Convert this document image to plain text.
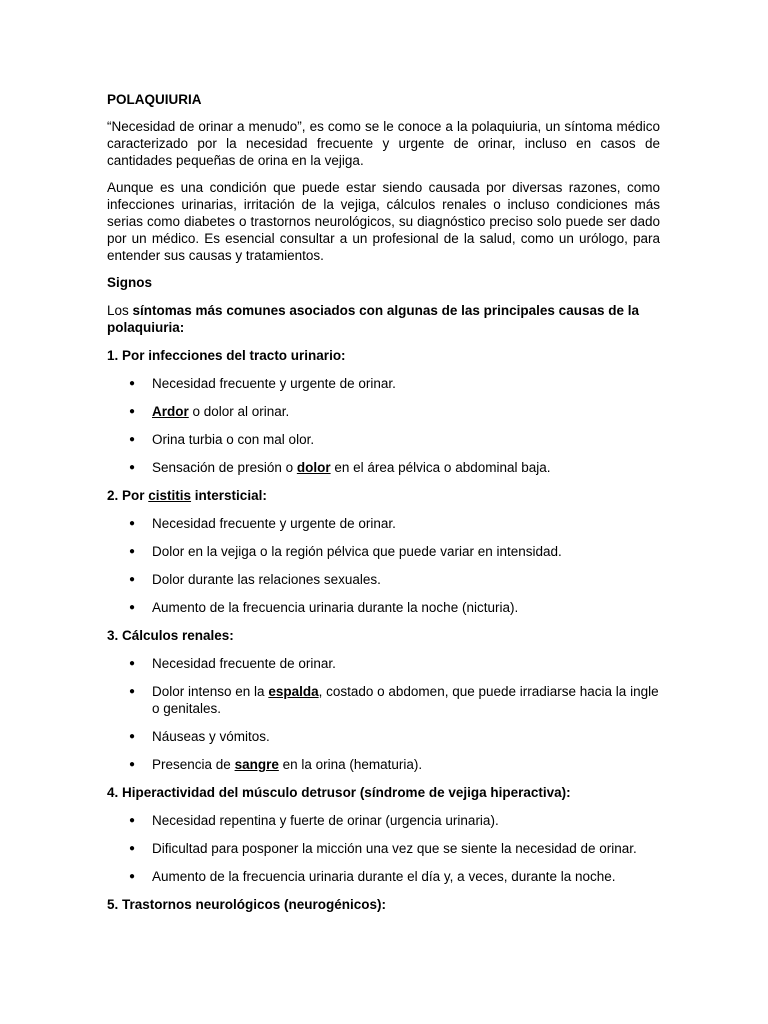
POLAQUIURIA

“Necesidad de orinar a menudo”, es como se le conoce a la polaquiuria, un síntoma médico caracterizado por la necesidad frecuente y urgente de orinar, incluso en casos de cantidades pequeñas de orina en la vejiga.

Aunque es una condición que puede estar siendo causada por diversas razones, como infecciones urinarias, irritación de la vejiga, cálculos renales o incluso condiciones más serias como diabetes o trastornos neurológicos, su diagnóstico preciso solo puede ser dado por un médico. Es esencial consultar a un profesional de la salud, como un urólogo, para entender sus causas y tratamientos.

Signos

Los síntomas más comunes asociados con algunas de las principales causas de la polaquiuria:

1. Por infecciones del tracto urinario:

● Necesidad frecuente y urgente de orinar.
● Ardor o dolor al orinar.
● Orina turbia o con mal olor.
● Sensación de presión o dolor en el área pélvica o abdominal baja.

2. Por cistitis intersticial:

● Necesidad frecuente y urgente de orinar.
● Dolor en la vejiga o la región pélvica que puede variar en intensidad.
● Dolor durante las relaciones sexuales.
● Aumento de la frecuencia urinaria durante la noche (nicturia).

3. Cálculos renales:

● Necesidad frecuente de orinar.
● Dolor intenso en la espalda, costado o abdomen, que puede irradiarse hacia la ingle o genitales.
● Náuseas y vómitos.
● Presencia de sangre en la orina (hematuria).

4. Hiperactividad del músculo detrusor (síndrome de vejiga hiperactiva):

● Necesidad repentina y fuerte de orinar (urgencia urinaria).
● Dificultad para posponer la micción una vez que se siente la necesidad de orinar.
● Aumento de la frecuencia urinaria durante el día y, a veces, durante la noche.

5. Trastornos neurológicos (neurogénicos):
